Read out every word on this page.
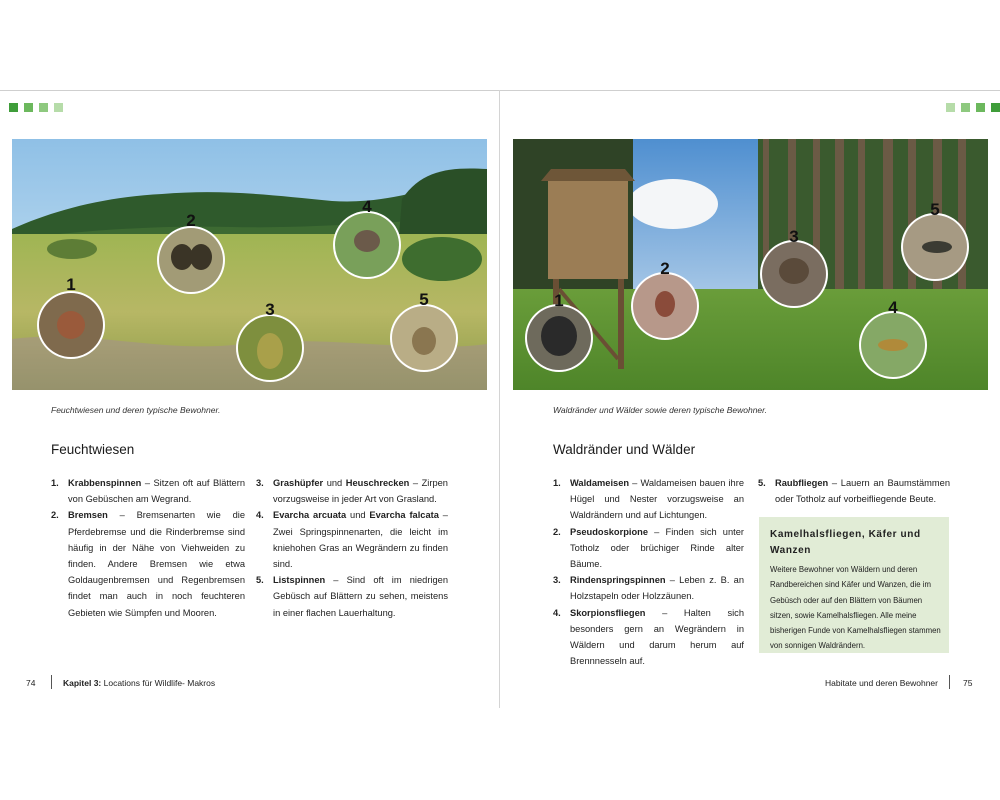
1
2
3
4
5	1
2
3
4
5
Feuchtwiesen und deren typische Bewohner.	Waldränder und Wälder sowie deren typische Bewohner.
Feuchtwiesen	Waldränder und Wälder
1. Krabbenspinnen – Sitzen oft auf Blättern von Gebüschen am Wegrand.
2. Bremsen – Bremsenarten wie die Pferdebremse und die Rinderbremse sind häufig in der Nähe von Viehweiden zu finden. Andere Bremsen wie etwa Goldaugenbremsen und Regenbremsen findet man auch in noch feuchteren Gebieten wie Sümpfen und Mooren.
3. Grashüpfer und Heuschrecken – Zirpen vorzugsweise in jeder Art von Grasland.
4. Evarcha arcuata und Evarcha falcata – Zwei Springspinnenarten, die leicht im kniehohen Gras an Wegrändern zu finden sind.
5. Listspinnen – Sind oft im niedrigen Gebüsch auf Blättern zu sehen, meistens in einer flachen Lauerhaltung.
1. Waldameisen – Waldameisen bauen ihre Hügel und Nester vorzugsweise an Waldrändern und auf Lichtungen.
2. Pseudoskorpione – Finden sich unter Totholz oder brüchiger Rinde alter Bäume.
3. Rindenspringspinnen – Leben z. B. an Holzstapeln oder Holzzäunen.
4. Skorpionsfliegen – Halten sich besonders gern an Wegrändern in Wäldern und darum herum auf Brennnesseln auf.
5. Raubfliegen – Lauern an Baumstämmen oder Totholz auf vorbeifliegende Beute.
Kamelhalsfliegen, Käfer und Wanzen
Weitere Bewohner von Wäldern und deren Randbereichen sind Käfer und Wanzen, die im Gebüsch oder auf den Blättern von Bäumen sitzen, sowie Kamelhalsfliegen. Alle meine bisherigen Funde von Kamelhalsfliegen stammen von sonnigen Waldrändern.
74	Kapitel 3: Locations für Wildlife- Makros	Habitate und deren Bewohner	75
